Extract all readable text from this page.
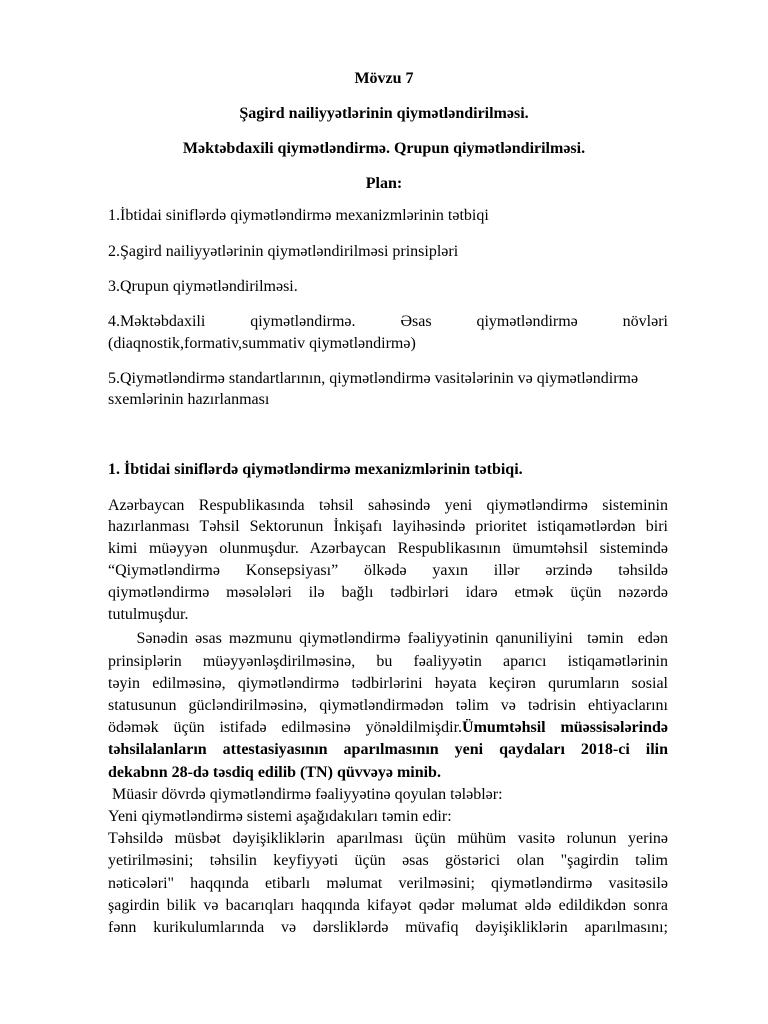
Mövzu 7
Şagird nailiyyətlərinin qiymətləndirilməsi.
Məktəbdaxili qiymətləndirmə. Qrupun qiymətləndirilməsi.
Plan:
1.İbtidai siniflərdə qiymətləndirmə mexanizmlərinin tətbiqi
2.Şagird nailiyyətlərinin qiymətləndirilməsi prinsipləri
3.Qrupun qiymətləndirilməsi.
4.Məktəbdaxili qiymətləndirmə. Əsas qiymətləndirmə növləri
(diaqnostik,formativ,summativ qiymətləndirmə)
5.Qiymətləndirmə standartlarının, qiymətləndirmə vasitələrinin və qiymətləndirmə
sxemlərinin hazırlanması
1. İbtidai siniflərdə qiymətləndirmə mexanizmlərinin tətbiqi.
Azərbaycan Respublikasında təhsil sahəsində yeni qiymətləndirmə sisteminin
hazırlanması Təhsil Sektorunun İnkişafı layihəsində prioritet istiqamətlərdən biri
kimi müəyyən olunmuşdur. Azərbaycan Respublikasının ümumtəhsil sistemində
“Qiymətləndirmə Konsepsiyası” ölkədə yaxın illər ərzində təhsildə
qiymətləndirmə məsələləri ilə bağlı tədbirləri idarə etmək üçün nəzərdə
tutulmuşdur.
Sənədin əsas məzmunu qiymətləndirmə fəaliyyətinin qanuniliyini  təmin  edən
prinsiplərin müəyyənləşdirilməsinə, bu fəaliyyətin aparıcı istiqamətlərinin
təyin edilməsinə, qiymətləndirmə tədbirlərini həyata keçirən qurumların sosial
statusunun gücləndirilməsinə, qiymətləndirmədən təlim və tədrisin ehtiyaclarını
ödəmək üçün istifadə edilməsinə yönəldilmişdir.Ümumtəhsil müəssisələrində
təhsilalanların attestasiyasının aparılmasının yeni qaydaları 2018-ci ilin
dekabnn 28-də təsdiq edilib (TN) qüvvəyə minib.
Müasir dövrdə qiymətləndirmə fəaliyyətinə qoyulan tələblər:
Yeni qiymətləndirmə sistemi aşağıdakıları təmin edir:
Təhsildə müsbət dəyişikliklərin aparılması üçün mühüm vasitə rolunun yerinə
yetirilməsini; təhsilin keyfiyyəti üçün əsas göstərici olan "şagirdin təlim
nəticələri" haqqında etibarlı məlumat verilməsini; qiymətləndirmə vasitəsilə
şagirdin bilik və bacarıqları haqqında kifayət qədər məlumat əldə edildikdən sonra
fənn kurikulumlarında və dərsliklərdə müvafiq dəyişikliklərin aparılmasını;
